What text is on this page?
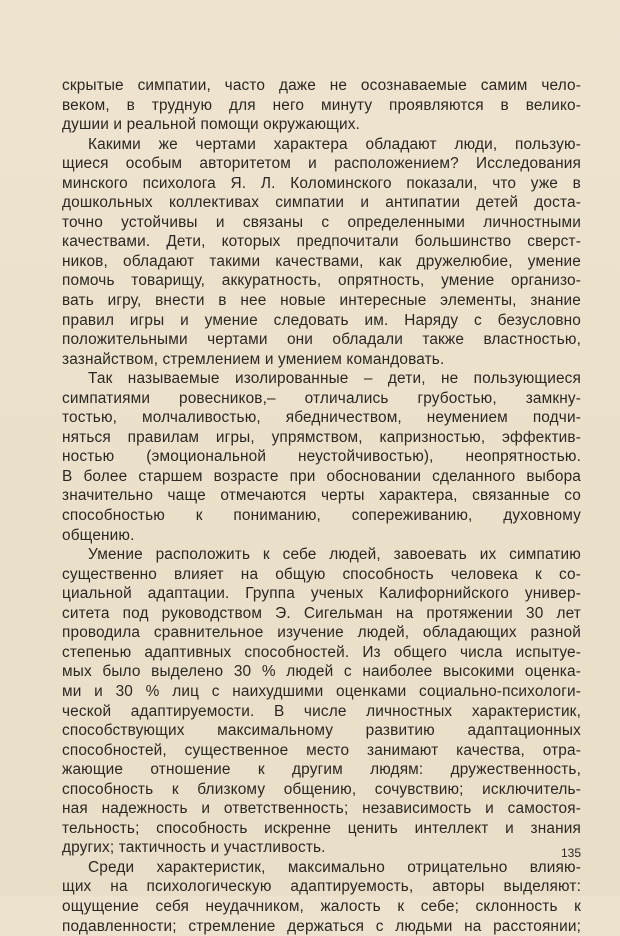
скрытые симпатии, часто даже не осознаваемые самим чело-
веком, в трудную для него минуту проявляются в велико-
душии и реальной помощи окружающих.

Какими же чертами характера обладают люди, пользую-
щиеся особым авторитетом и расположением? Исследования
минского психолога Я. Л. Коломинского показали, что уже в
дошкольных коллективах симпатии и антипатии детей доста-
точно устойчивы и связаны с определенными личностными
качествами. Дети, которых предпочитали большинство сверст-
ников, обладают такими качествами, как дружелюбие, умение
помочь товарищу, аккуратность, опрятность, умение организо-
вать игру, внести в нее новые интересные элементы, знание
правил игры и умение следовать им. Наряду с безусловно
положительными чертами они обладали также властностью,
зазнайством, стремлением и умением командовать.

Так называемые изолированные – дети, не пользующиеся
симпатиями ровесников,– отличались грубостью, замкну-
тостью, молчаливостью, ябедничеством, неумением подчи-
няться правилам игры, упрямством, капризностью, эффектив-
ностью (эмоциональной неустойчивостью), неопрятностью.
В более старшем возрасте при обосновании сделанного выбора
значительно чаще отмечаются черты характера, связанные со
способностью к пониманию, сопереживанию, духовному
общению.

Умение расположить к себе людей, завоевать их симпатию
существенно влияет на общую способность человека к со-
циальной адаптации. Группа ученых Калифорнийского универ-
ситета под руководством Э. Сигельман на протяжении 30 лет
проводила сравнительное изучение людей, обладающих разной
степенью адаптивных способностей. Из общего числа испытуе-
мых было выделено 30 % людей с наиболее высокими оценка-
ми и 30 % лиц с наихудшими оценками социально-психологи-
ческой адаптируемости. В числе личностных характеристик,
способствующих максимальному развитию адаптационных
способностей, существенное место занимают качества, отра-
жающие отношение к другим людям: дружественность,
способность к близкому общению, сочувствию; исключитель-
ная надежность и ответственность; независимость и самостоя-
тельность; способность искренне ценить интеллект и знания
других; тактичность и участливость.

Среди характеристик, максимально отрицательно влияю-
щих на психологическую адаптируемость, авторы выделяют:
ощущение себя неудачником, жалость к себе; склонность к
подавленности; стремление держаться с людьми на расстоянии;

135
